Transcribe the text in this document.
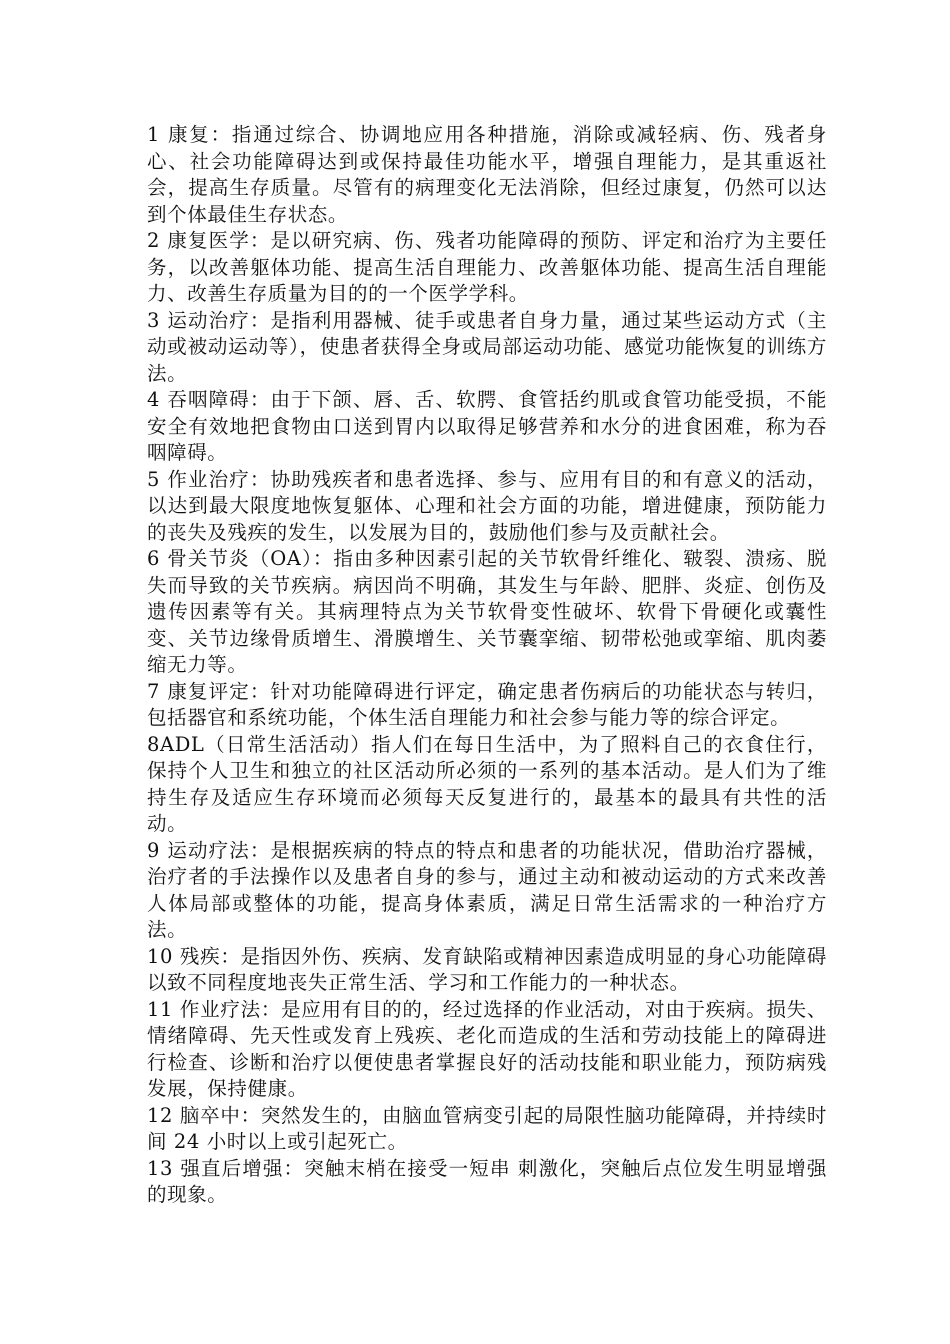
1 康复：指通过综合、协调地应用各种措施，消除或减轻病、伤、残者身心、社会功能障碍达到或保持最佳功能水平，增强自理能力，是其重返社会，提高生存质量。尽管有的病理变化无法消除，但经过康复，仍然可以达到个体最佳生存状态。

2 康复医学：是以研究病、伤、残者功能障碍的预防、评定和治疗为主要任务，以改善躯体功能、提高生活自理能力、改善躯体功能、提高生活自理能力、改善生存质量为目的的一个医学学科。

3 运动治疗：是指利用器械、徒手或患者自身力量，通过某些运动方式（主动或被动运动等），使患者获得全身或局部运动功能、感觉功能恢复的训练方法。

4 吞咽障碍：由于下颌、唇、舌、软腭、食管括约肌或食管功能受损，不能安全有效地把食物由口送到胃内以取得足够营养和水分的进食困难，称为吞咽障碍。

5 作业治疗：协助残疾者和患者选择、参与、应用有目的和有意义的活动，以达到最大限度地恢复躯体、心理和社会方面的功能，增进健康，预防能力的丧失及残疾的发生，以发展为目的，鼓励他们参与及贡献社会。

6 骨关节炎（OA）：指由多种因素引起的关节软骨纤维化、皲裂、溃疡、脱失而导致的关节疾病。病因尚不明确，其发生与年龄、肥胖、炎症、创伤及遗传因素等有关。其病理特点为关节软骨变性破坏、软骨下骨硬化或囊性变、关节边缘骨质增生、滑膜增生、关节囊挛缩、韧带松弛或挛缩、肌肉萎缩无力等。

7 康复评定：针对功能障碍进行评定，确定患者伤病后的功能状态与转归，包括器官和系统功能，个体生活自理能力和社会参与能力等的综合评定。

8ADL（日常生活活动）指人们在每日生活中，为了照料自己的衣食住行，保持个人卫生和独立的社区活动所必须的一系列的基本活动。是人们为了维持生存及适应生存环境而必须每天反复进行的，最基本的最具有共性的活动。

9 运动疗法：是根据疾病的特点的特点和患者的功能状况，借助治疗器械，治疗者的手法操作以及患者自身的参与，通过主动和被动运动的方式来改善人体局部或整体的功能，提高身体素质，满足日常生活需求的一种治疗方法。

10 残疾：是指因外伤、疾病、发育缺陷或精神因素造成明显的身心功能障碍以致不同程度地丧失正常生活、学习和工作能力的一种状态。

11 作业疗法：是应用有目的的，经过选择的作业活动，对由于疾病。损失、情绪障碍、先天性或发育上残疾、老化而造成的生活和劳动技能上的障碍进行检查、诊断和治疗以便使患者掌握良好的活动技能和职业能力，预防病残发展，保持健康。

12 脑卒中：突然发生的，由脑血管病变引起的局限性脑功能障碍，并持续时间 24 小时以上或引起死亡。

13 强直后增强：突触末梢在接受一短串 刺激化，突触后点位发生明显增强的现象。
